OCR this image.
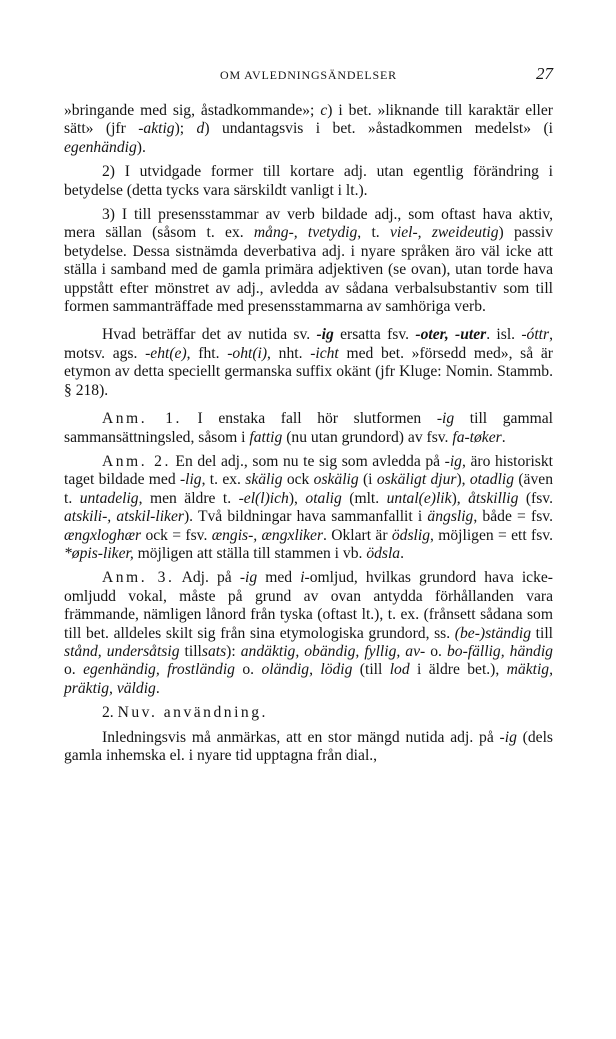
OM AVLEDNINGSÄNDELSER	27

»bringande med sig, åstadkommande»; c) i bet. »liknande till karaktär eller sätt» (jfr -aktig); d) undantagsvis i bet. »åstadkommen medelst» (i egenhändig).

2) I utvidgade former till kortare adj. utan egentlig förändring i betydelse (detta tycks vara särskildt vanligt i lt.).

3) I till presensstammar av verb bildade adj., som oftast hava aktiv, mera sällan (såsom t. ex. mång-, tvetydig, t. viel-, zweideutig) passiv betydelse. Dessa sistnämda deverbativa adj. i nyare språken äro väl icke att ställa i samband med de gamla primära adjektiven (se ovan), utan torde hava uppstått efter mönstret av adj., avledda av sådana verbalsubstantiv som till formen sammanträffade med presensstammarna av samhöriga verb.

Hvad beträffar det av nutida sv. -ig ersatta fsv. -oter, -uter. isl. -óttr, motsv. ags. -eht(e), fht. -oht(i), nht. -icht med bet. »försedd med», så är etymon av detta speciellt germanska suffix okänt (jfr Kluge: Nomin. Stammb. § 218).

Anm. 1. I enstaka fall hör slutformen -ig till gammal sammansättningsled, såsom i fattig (nu utan grundord) av fsv. fa-tøker.

Anm. 2. En del adj., som nu te sig som avledda på -ig, äro historiskt taget bildade med -lig, t. ex. skälig ock oskälig (i oskäligt djur), otadlig (även t. untadelig, men äldre t. -el(l)ich), otalig (mlt. untal(e)lik), åtskillig (fsv. atskili-, atskil-liker). Två bildningar hava sammanfallit i ängslig, både = fsv. ængxloghær ock = fsv. ængis-, ængxliker. Oklart är ödslig, möjligen = ett fsv. *øpis-liker, möjligen att ställa till stammen i vb. ödsla.

Anm. 3. Adj. på -ig med i-omljud, hvilkas grundord hava icke-omljudd vokal, måste på grund av ovan antydda förhållanden vara främmande, nämligen lånord från tyska (oftast lt.), t. ex. (frånsett sådana som till bet. alldeles skilt sig från sina etymologiska grundord, ss. (be-)ständig till stånd, undersåtsig tillsats): andäktig, obändig, fyllig, av- o. bo-fällig, händig o. egenhändig, frostländig o. oländig, lödig (till lod i äldre bet.), mäktig, präktig, väldig.

2. Nuv. användning.

Inledningsvis må anmärkas, att en stor mängd nutida adj. på -ig (dels gamla inhemska el. i nyare tid upptagna från dial.,
